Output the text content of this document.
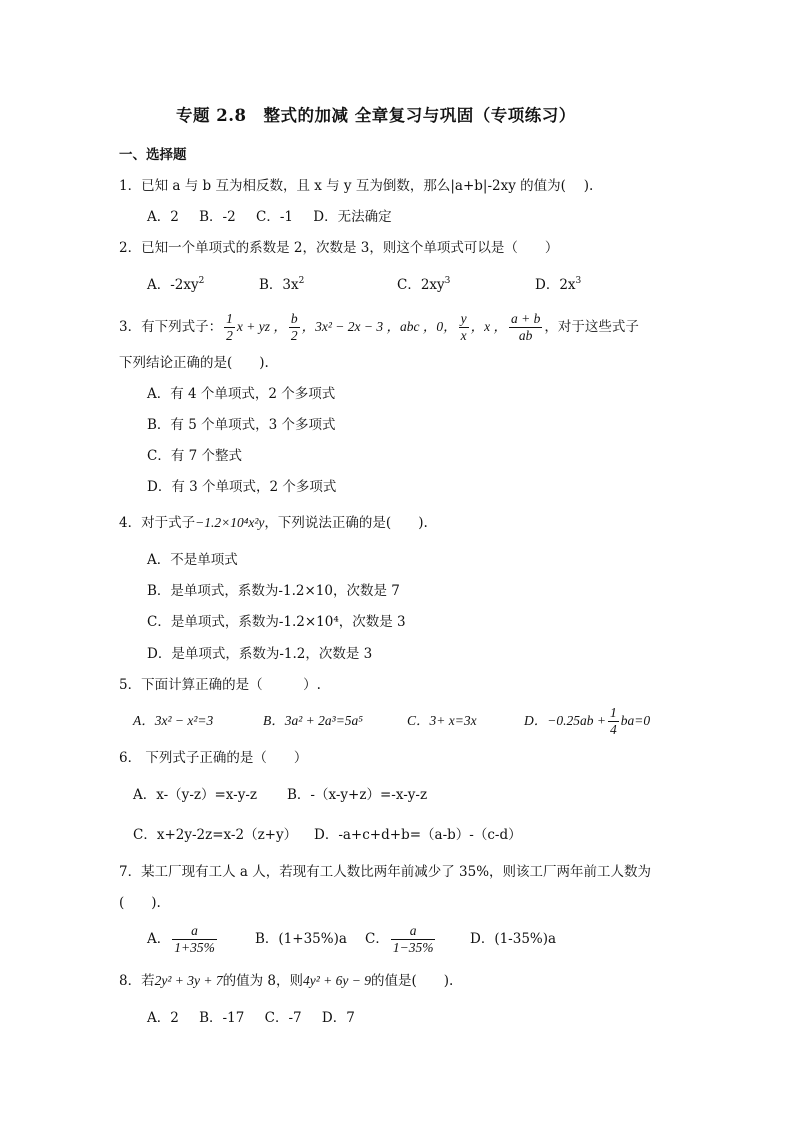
专题 2.8　整式的加减 全章复习与巩固（专项练习）
一、选择题
1．已知 a 与 b 互为相反数，且 x 与 y 互为倒数，那么|a+b|-2xy 的值为(　 ).
A．2 B．-2 C．-1 D．无法确定
2．已知一个单项式的系数是 2，次数是 3，则这个单项式可以是（　　）
A．$-2xy^2$	B．$3x^2$	C．$2xy^3$	D．$2x^3$
3．有下列式子： $\frac{1}{2}$ x + yz ， $\frac{b}{2}$ ，3x² − 2x − 3 ，abc ，0， $\frac{y}{x}$ ，x ， $\frac{a + b}{ab}$ ，对于这些式子
下列结论正确的是(　　).
A．有 4 个单项式，2 个多项式
B．有 5 个单项式，3 个多项式
C．有 7 个整式
D．有 3 个单项式，2 个多项式
4．对于式子−1.2×10⁴x²y，下列说法正确的是(　　).
A．不是单项式
B．是单项式，系数为-1.2×10，次数是 7
C．是单项式，系数为-1.2×10⁴，次数是 3
D．是单项式，系数为-1.2，次数是 3
5．下面计算正确的是（　　　）.
A．3x² − x²=3	B．3a² + 2a³=5a⁵	C．3+ x=3x	D．$-0.25ab + \frac{1}{4} ba=0$
6． 下列式子正确的是（　　）
A．x-（y-z）=x-y-z B．-（x-y+z）=-x-y-z
C．x+2y-2z=x-2（z+y） D．-a+c+d+b=（a-b）-（c-d）
7．某工厂现有工人 a 人，若现有工人数比两年前减少了 35%，则该工厂两年前工人数为
(　　).
A． $\frac{a}{1+35\%}$	B．(1+35%)a C． $\frac{a}{1-35\%}$	D．(1-35%)a
8．若2y² + 3y + 7的值为 8，则4y² + 6y − 9的值是(　　).
A．2 B．-17 C．-7 D．7
